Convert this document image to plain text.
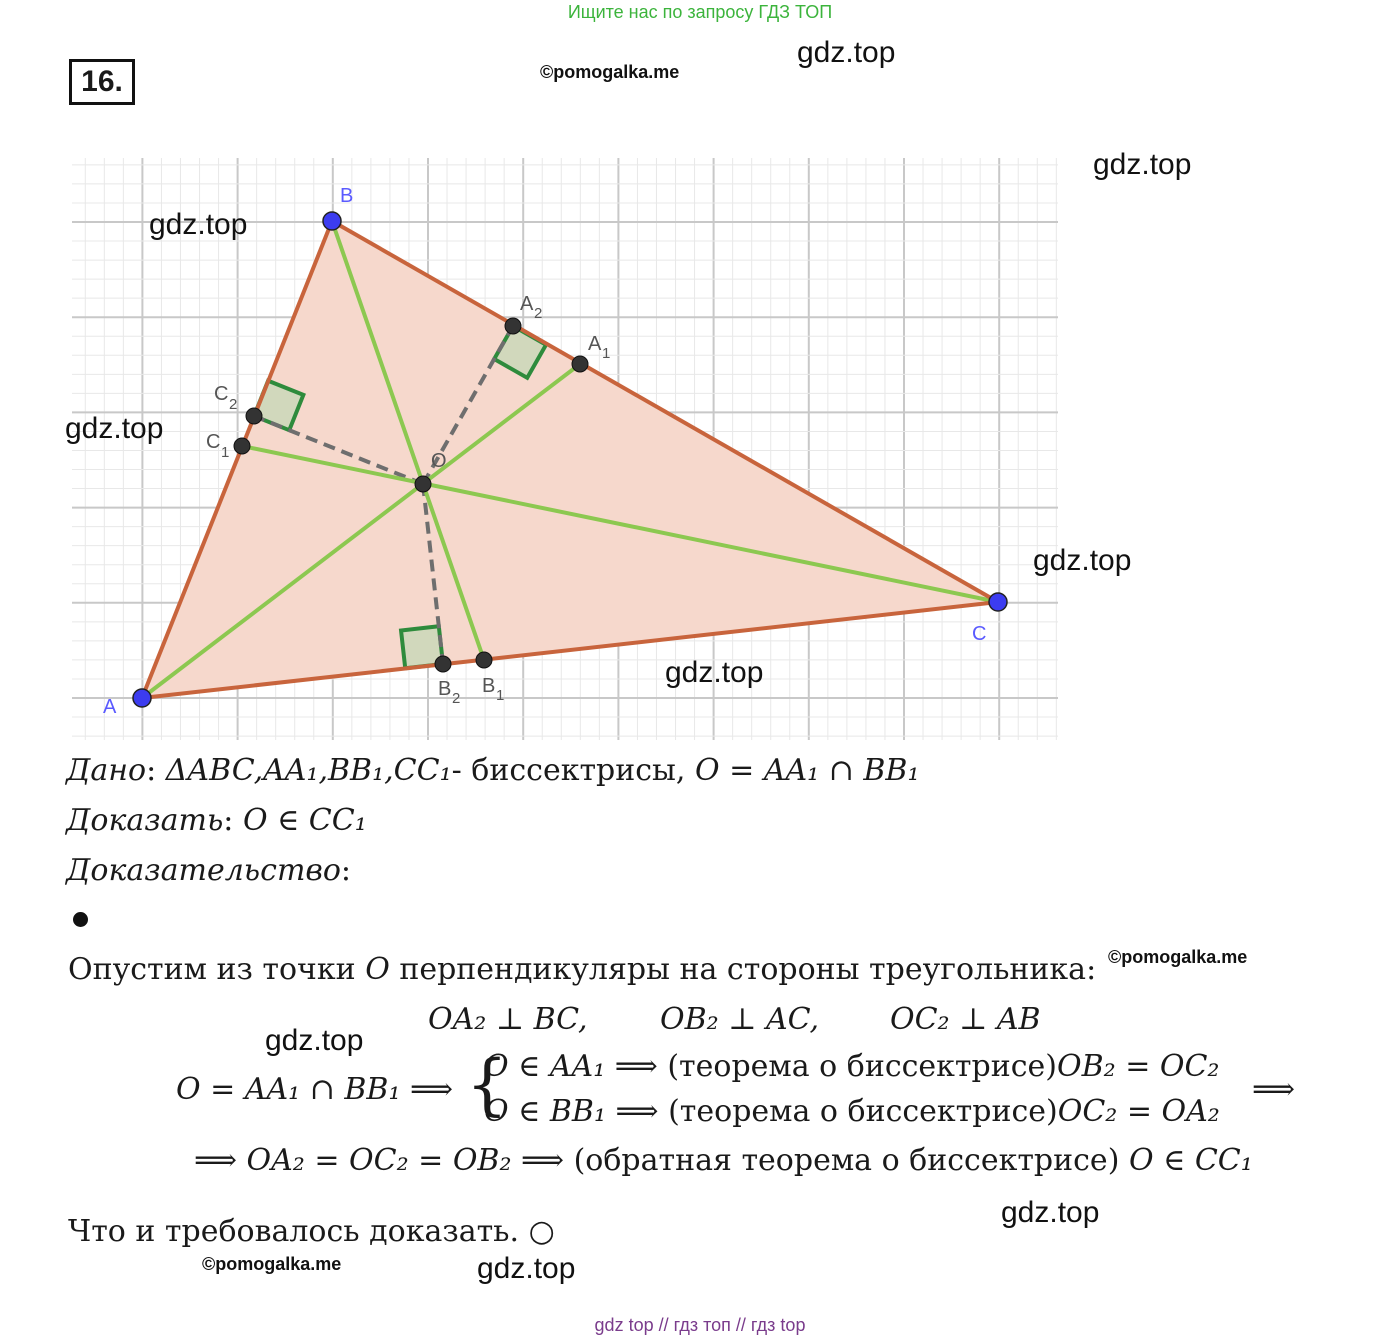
Ищите нас по запросу ГДЗ ТОП
16.	©pomogalka.me
gdz.top
A
B
C
O
A 1
A 2
B 1
B 2
C 1
C 2
gdz.top
gdz.top
gdz.top
gdz.top
gdz.top
Дано: ΔABC,AA₁,BB₁,CC₁- биссектрисы, O = AA₁ ∩ BB₁
Доказать: O ∈ CC₁
Доказательство:
Опустим из точки O перпендикуляры на стороны треугольника: ©pomogalka.me
OA₂ ⊥ BC, OB₂ ⊥ AC, OC₂ ⊥ AB
gdz.top
O = AA₁ ∩ BB₁ ⟹ {
O ∈ AA₁ ⟹ (теорема о биссектрисе)OB₂ = OC₂
O ∈ BB₁ ⟹ (теорема о биссектрисе)OC₂ = OA₂
⟹
⟹ OA₂ = OC₂ = OB₂ ⟹ (обратная теорема о биссектрисе) O ∈ CC₁
gdz.top
Что и требовалось доказать. ○
©pomogalka.me	gdz.top
gdz top // гдз топ // гдз top
